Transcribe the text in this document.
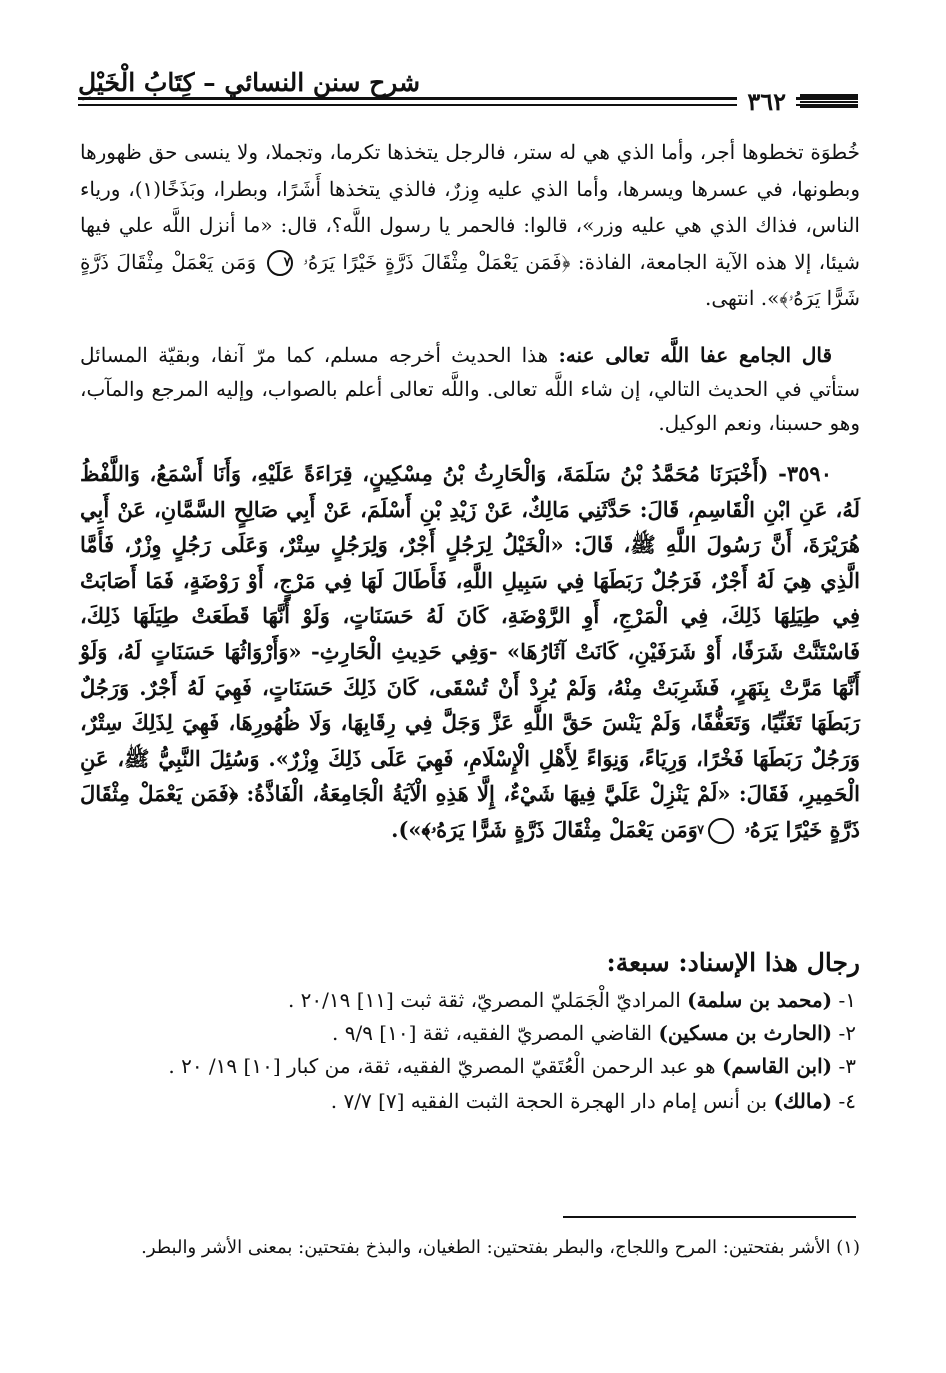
شرح سنن النسائي – كِتَابُ الْخَيْلِ
٣٦٢
خُطوَة تخطوها أجر، وأما الذي هي له ستر، فالرجل يتخذها تكرما، وتجملا، ولا ينسى حق ظهورها وبطونها، في عسرها ويسرها، وأما الذي عليه وِزرٌ، فالذي يتخذها أَشَرًا، وبطرا، وبَذَخًا(١)، ورياء الناس، فذاك الذي هي عليه وزر»، قالوا: فالحمر يا رسول اللَّه؟، قال: «ما أنزل اللَّه علي فيها شيئا، إلا هذه الآية الجامعة، الفاذة: ﴿فَمَن يَعْمَلْ مِثْقَالَ ذَرَّةٍ خَيْرًا يَرَهُۥ ٧ وَمَن يَعْمَلْ مِثْقَالَ ذَرَّةٍ شَرًّا يَرَهُۥ﴾». انتهى.
قال الجامع عفا اللَّه تعالى عنه: هذا الحديث أخرجه مسلم، كما مرّ آنفا، وبقيّة المسائل ستأتي في الحديث التالي، إن شاء اللَّه تعالى. واللَّه تعالى أعلم بالصواب، وإليه المرجع والمآب، وهو حسبنا، ونعم الوكيل.
٣٥٩٠- (أَخْبَرَنَا مُحَمَّدُ بْنُ سَلَمَةَ، وَالْحَارِثُ بْنُ مِسْكِينٍ، قِرَاءَةً عَلَيْهِ، وَأَنَا أَسْمَعُ، وَاللَّفْظُ لَهُ، عَنِ ابْنِ الْقَاسِمِ، قَالَ: حَدَّثَنِي مَالِكٌ، عَنْ زَيْدِ بْنِ أَسْلَمَ، عَنْ أَبِي صَالِحٍ السَّمَّانِ، عَنْ أَبِي هُرَيْرَةَ، أَنَّ رَسُولَ اللَّهِ ﷺ، قَالَ: «الْخَيْلُ لِرَجُلٍ أَجْرٌ، وَلِرَجُلٍ سِتْرٌ، وَعَلَى رَجُلٍ وِزْرٌ، فَأَمَّا الَّذِي هِيَ لَهُ أَجْرٌ، فَرَجُلٌ رَبَطَهَا فِي سَبِيلِ اللَّهِ، فَأَطَالَ لَهَا فِي مَرْجٍ، أَوْ رَوْضَةٍ، فَمَا أَصَابَتْ فِي طِيَلِهَا ذَلِكَ، فِي الْمَرْجِ، أَوِ الرَّوْضَةِ، كَانَ لَهُ حَسَنَاتٍ، وَلَوْ أَنَّهَا قَطَعَتْ طِيَلَهَا ذَلِكَ، فَاسْتَنَّتْ شَرَفًا، أَوْ شَرَفَيْنِ، كَانَتْ آثَارُهَا» -وَفِي حَدِيثِ الْحَارِثِ- «وَأَرْوَاثُهَا حَسَنَاتٍ لَهُ، وَلَوْ أَنَّهَا مَرَّتْ بِنَهَرٍ، فَشَرِبَتْ مِنْهُ، وَلَمْ يُرِدْ أَنْ تُسْقَى، كَانَ ذَلِكَ حَسَنَاتٍ، فَهِيَ لَهُ أَجْرٌ. وَرَجُلٌ رَبَطَهَا تَغَنِّيًا، وَتَعَفُّفًا، وَلَمْ يَنْسَ حَقَّ اللَّهِ عَزَّ وَجَلَّ فِي رِقَابِهَا، وَلَا ظُهُورِهَا، فَهِيَ لِذَلِكَ سِتْرٌ، وَرَجُلٌ رَبَطَهَا فَخْرًا، وَرِيَاءً، وَنِوَاءً لِأَهْلِ الْإِسْلَامِ، فَهِيَ عَلَى ذَلِكَ وِزْرٌ». وَسُئِلَ النَّبِيُّ ﷺ، عَنِ الْحَمِيرِ، فَقَالَ: «لَمْ يَنْزِلْ عَلَيَّ فِيهَا شَيْءٌ، إِلَّا هَذِهِ الْآيَةُ الْجَامِعَةُ، الْفَاذَّةُ: ﴿فَمَن يَعْمَلْ مِثْقَالَ ذَرَّةٍ خَيْرًا يَرَهُۥ ٧ وَمَن يَعْمَلْ مِثْقَالَ ذَرَّةٍ شَرًّا يَرَهُۥ﴾»).
رجال هذا الإسناد: سبعة:
١- (محمد بن سلمة) المراديّ الْجَمَليّ المصريّ، ثقة ثبت [١١] ٢٠/١٩ .
٢- (الحارث بن مسكين) القاضي المصريّ الفقيه، ثقة [١٠] ٩/٩ .
٣- (ابن القاسم) هو عبد الرحمن الْعُتَقيّ المصريّ الفقيه، ثقة، من كبار [١٠] ١٩/ ٢٠ .
٤- (مالك) بن أنس إمام دار الهجرة الحجة الثبت الفقيه [٧] ٧/٧ .
(١) الأشر بفتحتين: المرح واللجاج، والبطر بفتحتين: الطغيان، والبذخ بفتحتين: بمعنى الأشر والبطر.
